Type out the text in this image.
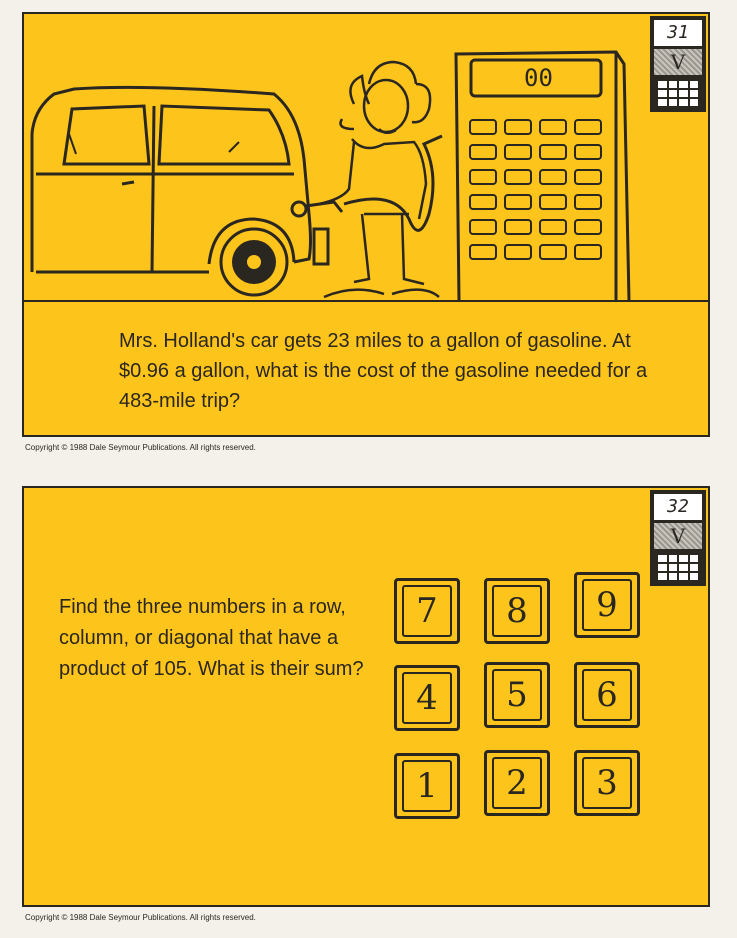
00
31
V
Mrs. Holland's car gets 23 miles to a gallon of gasoline. At $0.96 a gallon, what is the cost of the gasoline needed for a 483-mile trip?
Copyright © 1988 Dale Seymour Publications. All rights reserved.
32
V
Find the three numbers in a row, column, or diagonal that have a product of 105. What is their sum?
7	8	9
4	5	6
1	2	3
Copyright © 1988 Dale Seymour Publications. All rights reserved.
